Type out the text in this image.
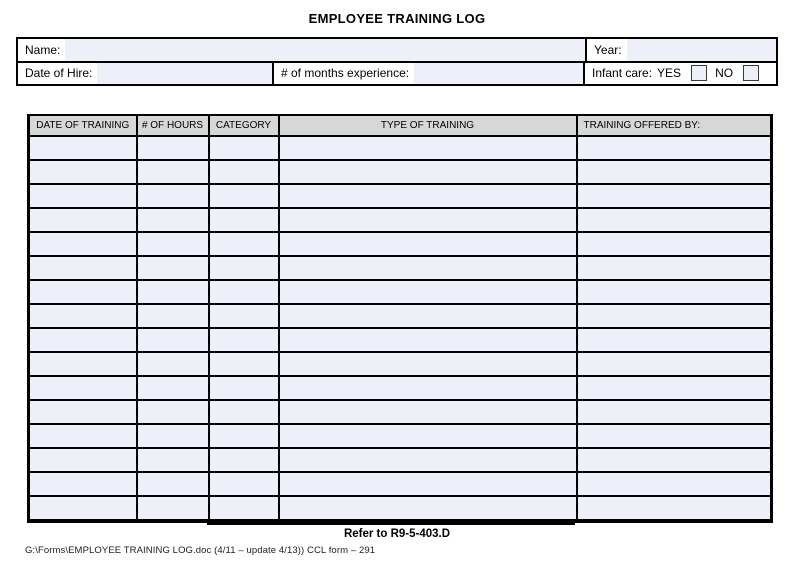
EMPLOYEE TRAINING LOG
Name:	Year:
Date of Hire:	# of months experience:	Infant care: YES	NO
DATE OF TRAINING	# OF HOURS	CATEGORY	TYPE OF TRAINING	TRAINING OFFERED BY:

Refer to R9-5-403.D
G:\Forms\EMPLOYEE TRAINING LOG.doc (4/11 – update 4/13)) CCL form – 291
